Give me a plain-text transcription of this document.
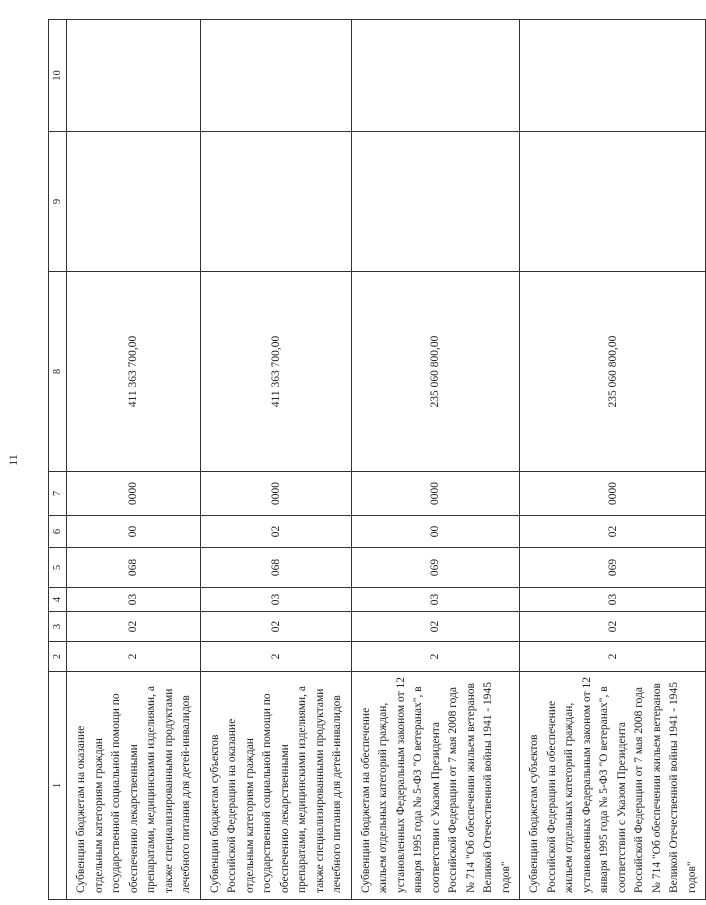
11
1	2	3	4	5	6	7	8	9	10
Субвенции бюджетам на оказание отдельным категориям граждан государственной социальной помощи по обеспечению лекарственными препаратами, медицинскими изделиями, а также специализированными продуктами лечебного питания для детей-инвалидов	2	02	03	068	00	0000	411 363 700,00		
Субвенции бюджетам субъектов Российской Федерации на оказание отдельным категориям граждан государственной социальной помощи по обеспечению лекарственными препаратами, медицинскими изделиями, а также специализированными продуктами лечебного питания для детей-инвалидов	2	02	03	068	02	0000	411 363 700,00		
Субвенции бюджетам на обеспечение жильем отдельных категорий граждан, установленных Федеральным законом от 12 января 1995 года № 5-ФЗ "О ветеранах", в соответствии с Указом Президента Российской Федерации от 7 мая 2008 года № 714 "Об обеспечении жильем ветеранов Великой Отечественной войны 1941 - 1945 годов"	2	02	03	069	00	0000	235 060 800,00		
Субвенции бюджетам субъектов Российской Федерации на обеспечение жильем отдельных категорий граждан, установленных Федеральным законом от 12 января 1995 года № 5-ФЗ "О ветеранах", в соответствии с Указом Президента Российской Федерации от 7 мая 2008 года № 714 "Об обеспечении жильем ветеранов Великой Отечественной войны 1941 - 1945 годов"	2	02	03	069	02	0000	235 060 800,00		
